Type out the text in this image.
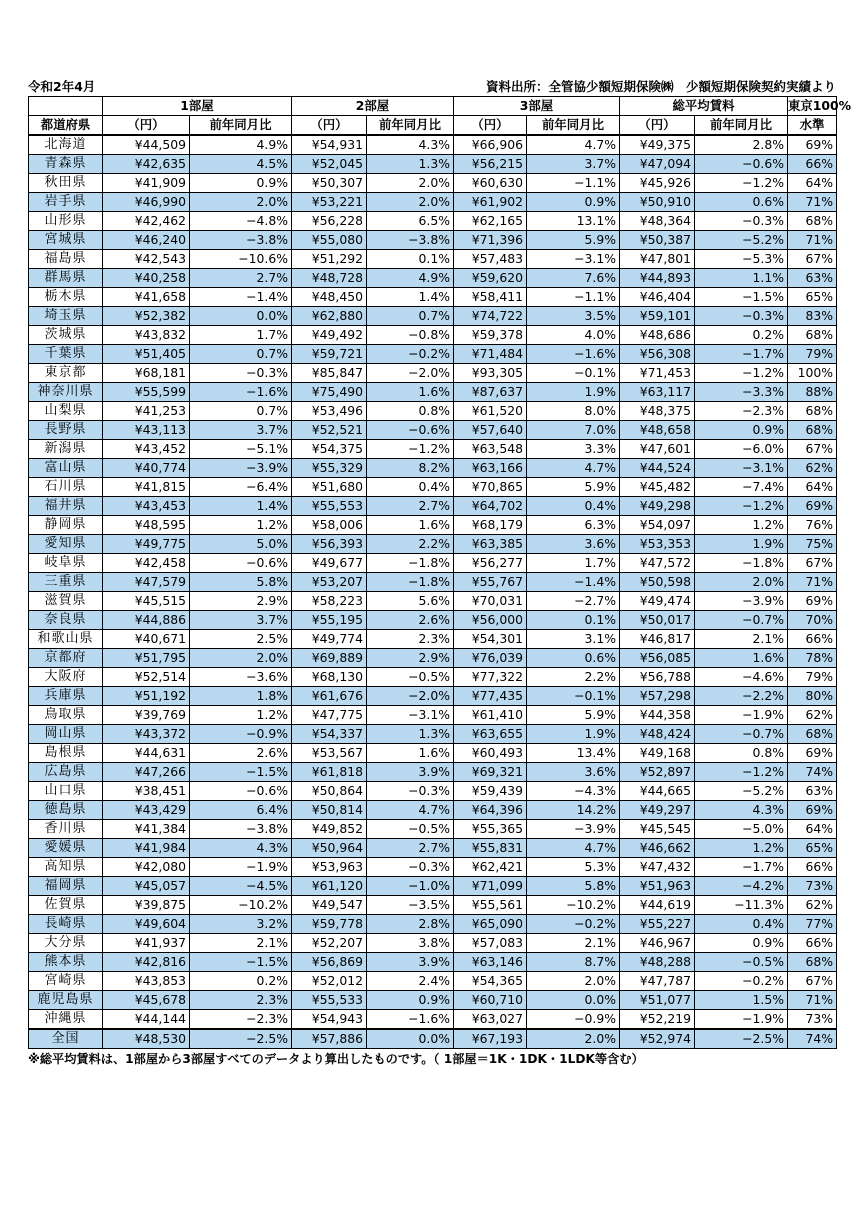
令和2年4月	資料出所：全管協少額短期保険㈱　少額短期保険契約実績より
	1部屋		2部屋		3部屋		総平均賃料		東京100%
都道府県	（円）	前年同月比	（円）	前年同月比	（円）	前年同月比	（円）	前年同月比	水準
北海道	¥44,509	4.9%	¥54,931	4.3%	¥66,906	4.7%	¥49,375	2.8%	69%
青森県	¥42,635	4.5%	¥52,045	1.3%	¥56,215	3.7%	¥47,094	−0.6%	66%
秋田県	¥41,909	0.9%	¥50,307	2.0%	¥60,630	−1.1%	¥45,926	−1.2%	64%
岩手県	¥46,990	2.0%	¥53,221	2.0%	¥61,902	0.9%	¥50,910	0.6%	71%
山形県	¥42,462	−4.8%	¥56,228	6.5%	¥62,165	13.1%	¥48,364	−0.3%	68%
宮城県	¥46,240	−3.8%	¥55,080	−3.8%	¥71,396	5.9%	¥50,387	−5.2%	71%
福島県	¥42,543	−10.6%	¥51,292	0.1%	¥57,483	−3.1%	¥47,801	−5.3%	67%
群馬県	¥40,258	2.7%	¥48,728	4.9%	¥59,620	7.6%	¥44,893	1.1%	63%
栃木県	¥41,658	−1.4%	¥48,450	1.4%	¥58,411	−1.1%	¥46,404	−1.5%	65%
埼玉県	¥52,382	0.0%	¥62,880	0.7%	¥74,722	3.5%	¥59,101	−0.3%	83%
茨城県	¥43,832	1.7%	¥49,492	−0.8%	¥59,378	4.0%	¥48,686	0.2%	68%
千葉県	¥51,405	0.7%	¥59,721	−0.2%	¥71,484	−1.6%	¥56,308	−1.7%	79%
東京都	¥68,181	−0.3%	¥85,847	−2.0%	¥93,305	−0.1%	¥71,453	−1.2%	100%
神奈川県	¥55,599	−1.6%	¥75,490	1.6%	¥87,637	1.9%	¥63,117	−3.3%	88%
山梨県	¥41,253	0.7%	¥53,496	0.8%	¥61,520	8.0%	¥48,375	−2.3%	68%
長野県	¥43,113	3.7%	¥52,521	−0.6%	¥57,640	7.0%	¥48,658	0.9%	68%
新潟県	¥43,452	−5.1%	¥54,375	−1.2%	¥63,548	3.3%	¥47,601	−6.0%	67%
富山県	¥40,774	−3.9%	¥55,329	8.2%	¥63,166	4.7%	¥44,524	−3.1%	62%
石川県	¥41,815	−6.4%	¥51,680	0.4%	¥70,865	5.9%	¥45,482	−7.4%	64%
福井県	¥43,453	1.4%	¥55,553	2.7%	¥64,702	0.4%	¥49,298	−1.2%	69%
静岡県	¥48,595	1.2%	¥58,006	1.6%	¥68,179	6.3%	¥54,097	1.2%	76%
愛知県	¥49,775	5.0%	¥56,393	2.2%	¥63,385	3.6%	¥53,353	1.9%	75%
岐阜県	¥42,458	−0.6%	¥49,677	−1.8%	¥56,277	1.7%	¥47,572	−1.8%	67%
三重県	¥47,579	5.8%	¥53,207	−1.8%	¥55,767	−1.4%	¥50,598	2.0%	71%
滋賀県	¥45,515	2.9%	¥58,223	5.6%	¥70,031	−2.7%	¥49,474	−3.9%	69%
奈良県	¥44,886	3.7%	¥55,195	2.6%	¥56,000	0.1%	¥50,017	−0.7%	70%
和歌山県	¥40,671	2.5%	¥49,774	2.3%	¥54,301	3.1%	¥46,817	2.1%	66%
京都府	¥51,795	2.0%	¥69,889	2.9%	¥76,039	0.6%	¥56,085	1.6%	78%
大阪府	¥52,514	−3.6%	¥68,130	−0.5%	¥77,322	2.2%	¥56,788	−4.6%	79%
兵庫県	¥51,192	1.8%	¥61,676	−2.0%	¥77,435	−0.1%	¥57,298	−2.2%	80%
鳥取県	¥39,769	1.2%	¥47,775	−3.1%	¥61,410	5.9%	¥44,358	−1.9%	62%
岡山県	¥43,372	−0.9%	¥54,337	1.3%	¥63,655	1.9%	¥48,424	−0.7%	68%
島根県	¥44,631	2.6%	¥53,567	1.6%	¥60,493	13.4%	¥49,168	0.8%	69%
広島県	¥47,266	−1.5%	¥61,818	3.9%	¥69,321	3.6%	¥52,897	−1.2%	74%
山口県	¥38,451	−0.6%	¥50,864	−0.3%	¥59,439	−4.3%	¥44,665	−5.2%	63%
徳島県	¥43,429	6.4%	¥50,814	4.7%	¥64,396	14.2%	¥49,297	4.3%	69%
香川県	¥41,384	−3.8%	¥49,852	−0.5%	¥55,365	−3.9%	¥45,545	−5.0%	64%
愛媛県	¥41,984	4.3%	¥50,964	2.7%	¥55,831	4.7%	¥46,662	1.2%	65%
高知県	¥42,080	−1.9%	¥53,963	−0.3%	¥62,421	5.3%	¥47,432	−1.7%	66%
福岡県	¥45,057	−4.5%	¥61,120	−1.0%	¥71,099	5.8%	¥51,963	−4.2%	73%
佐賀県	¥39,875	−10.2%	¥49,547	−3.5%	¥55,561	−10.2%	¥44,619	−11.3%	62%
長崎県	¥49,604	3.2%	¥59,778	2.8%	¥65,090	−0.2%	¥55,227	0.4%	77%
大分県	¥41,937	2.1%	¥52,207	3.8%	¥57,083	2.1%	¥46,967	0.9%	66%
熊本県	¥42,816	−1.5%	¥56,869	3.9%	¥63,146	8.7%	¥48,288	−0.5%	68%
宮崎県	¥43,853	0.2%	¥52,012	2.4%	¥54,365	2.0%	¥47,787	−0.2%	67%
鹿児島県	¥45,678	2.3%	¥55,533	0.9%	¥60,710	0.0%	¥51,077	1.5%	71%
沖縄県	¥44,144	−2.3%	¥54,943	−1.6%	¥63,027	−0.9%	¥52,219	−1.9%	73%
全国	¥48,530	−2.5%	¥57,886	0.0%	¥67,193	2.0%	¥52,974	−2.5%	74%
※総平均賃料は、1部屋から3部屋すべてのデータより算出したものです。（ 1部屋＝1K・1DK・1LDK等含む）
